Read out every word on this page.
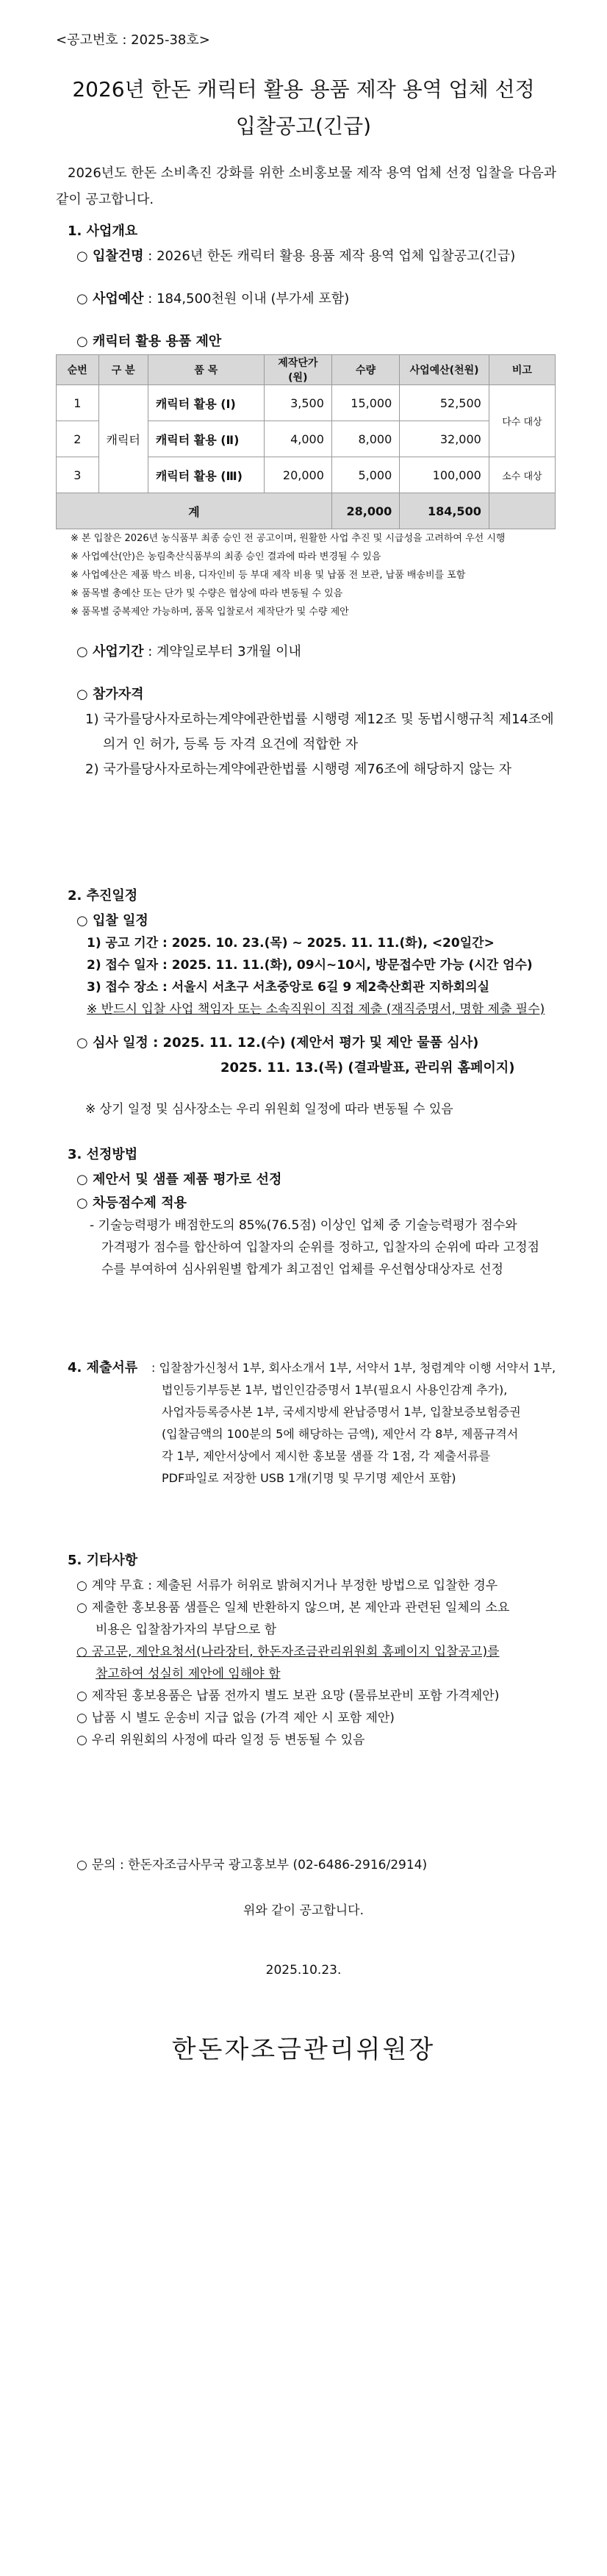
<공고번호 : 2025-38호>
2026년 한돈 캐릭터 활용 용품 제작 용역 업체 선정
입찰공고(긴급)
2026년도 한돈 소비촉진 강화를 위한 소비홍보물 제작 용역 업체 선정 입찰을 다음과 같이 공고합니다.
1. 사업개요
○ 입찰건명 : 2026년 한돈 캐릭터 활용 용품 제작 용역 업체 입찰공고(긴급)
○ 사업예산 : 184,500천원 이내 (부가세 포함)
○ 캐릭터 활용 용품 제안
순번	구 분	품 목	제작단가(원)	수량	사업예산(천원)	비고
1	캐릭터	캐릭터 활용 (Ⅰ)	3,500	15,000	52,500	다수 대상
2		캐릭터 활용 (Ⅱ)	4,000	8,000	32,000	
3		캐릭터 활용 (Ⅲ)	20,000	5,000	100,000	소수 대상
계				28,000	184,500	
※ 본 입찰은 2026년 농식품부 최종 승인 전 공고이며, 원활한 사업 추진 및 시급성을 고려하여 우선 시행
※ 사업예산(안)은 농림축산식품부의 최종 승인 결과에 따라 변경될 수 있음
※ 사업예산은 제품 박스 비용, 디자인비 등 부대 제작 비용 및 납품 전 보관, 납품 배송비를 포함
※ 품목별 총예산 또는 단가 및 수량은 협상에 따라 변동될 수 있음
※ 품목별 중복제안 가능하며, 품목 입찰로서 제작단가 및 수량 제안
○ 사업기간 : 계약일로부터 3개월 이내
○ 참가자격
1) 국가를당사자로하는계약에관한법률 시행령 제12조 및 동법시행규칙 제14조에
의거 인 허가, 등록 등 자격 요건에 적합한 자
2) 국가를당사자로하는계약에관한법률 시행령 제76조에 해당하지 않는 자
2. 추진일정
○ 입찰 일정
1) 공고 기간 : 2025. 10. 23.(목) ~ 2025. 11. 11.(화), <20일간>
2) 접수 일자 : 2025. 11. 11.(화), 09시~10시, 방문접수만 가능 (시간 엄수)
3) 접수 장소 : 서울시 서초구 서초중앙로 6길 9 제2축산회관 지하회의실
※ 반드시 입찰 사업 책임자 또는 소속직원이 직접 제출 (재직증명서, 명함 제출 필수)
○ 심사 일정 : 2025. 11. 12.(수) (제안서 평가 및 제안 물품 심사)
2025. 11. 13.(목) (결과발표, 관리위 홈페이지)
※ 상기 일정 및 심사장소는 우리 위원회 일정에 따라 변동될 수 있음
3. 선정방법
○ 제안서 및 샘플 제품 평가로 선정
○ 차등점수제 적용
- 기술능력평가 배점한도의 85%(76.5점) 이상인 업체 중 기술능력평가 점수와
가격평가 점수를 합산하여 입찰자의 순위를 정하고, 입찰자의 순위에 따라 고정점
수를 부여하여 심사위원별 합계가 최고점인 업체를 우선협상대상자로 선정
4. 제출서류 : 입찰참가신청서 1부, 회사소개서 1부, 서약서 1부, 청렴계약 이행 서약서 1부,
법인등기부등본 1부, 법인인감증명서 1부(필요시 사용인감계 추가),
사업자등록증사본 1부, 국세지방세 완납증명서 1부, 입찰보증보험증권
(입찰금액의 100분의 5에 해당하는 금액), 제안서 각 8부, 제품규격서
각 1부, 제안서상에서 제시한 홍보물 샘플 각 1점, 각 제출서류를
PDF파일로 저장한 USB 1개(기명 및 무기명 제안서 포함)
5. 기타사항
○ 계약 무효 : 제출된 서류가 허위로 밝혀지거나 부정한 방법으로 입찰한 경우
○ 제출한 홍보용품 샘플은 일체 반환하지 않으며, 본 제안과 관련된 일체의 소요
비용은 입찰참가자의 부담으로 함
○ 공고문, 제안요청서(나라장터, 한돈자조금관리위원회 홈페이지 입찰공고)를
참고하여 성실히 제안에 임해야 함
○ 제작된 홍보용품은 납품 전까지 별도 보관 요망 (물류보관비 포함 가격제안)
○ 납품 시 별도 운송비 지급 없음 (가격 제안 시 포함 제안)
○ 우리 위원회의 사정에 따라 일정 등 변동될 수 있음
○ 문의 : 한돈자조금사무국 광고홍보부 (02-6486-2916/2914)
위와 같이 공고합니다.
2025.10.23.
한돈자조금관리위원장
